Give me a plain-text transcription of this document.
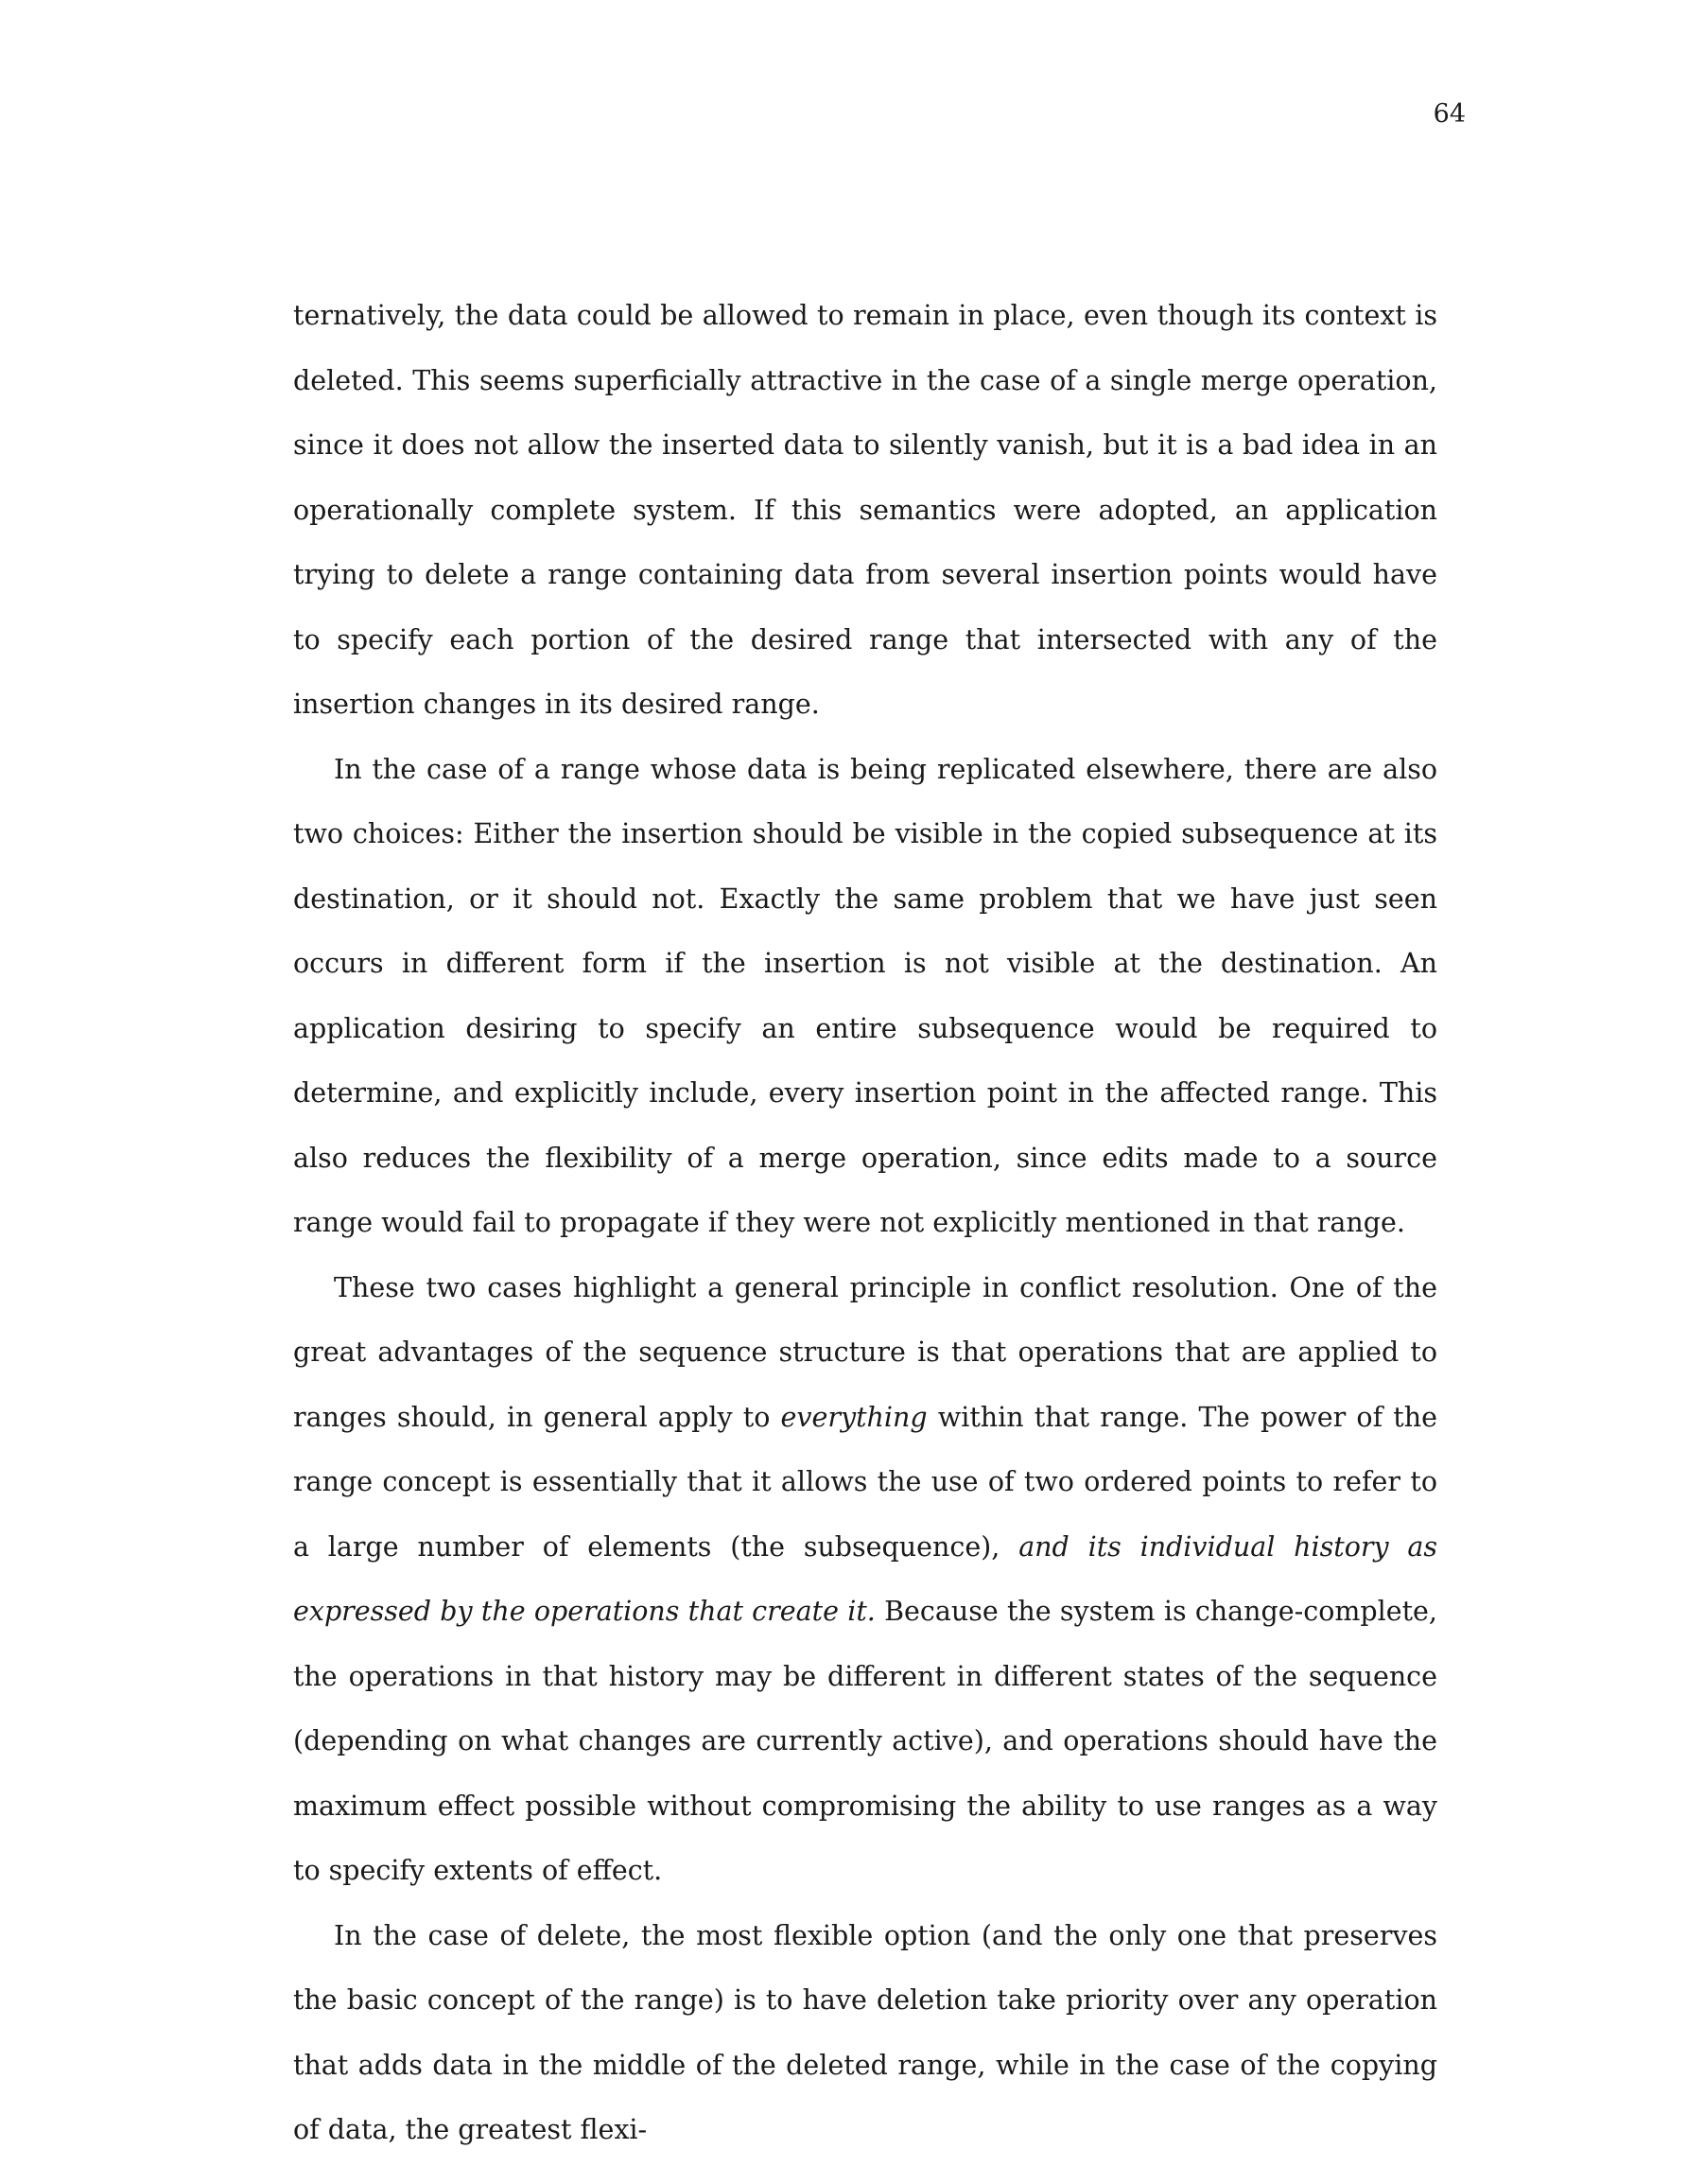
64

ternatively, the data could be allowed to remain in place, even though its context is deleted. This seems superficially attractive in the case of a single merge operation, since it does not allow the inserted data to silently vanish, but it is a bad idea in an operationally complete system. If this semantics were adopted, an application trying to delete a range containing data from several insertion points would have to specify each portion of the desired range that intersected with any of the insertion changes in its desired range.

In the case of a range whose data is being replicated elsewhere, there are also two choices: Either the insertion should be visible in the copied subsequence at its destination, or it should not. Exactly the same problem that we have just seen occurs in different form if the insertion is not visible at the destination. An application desiring to specify an entire subsequence would be required to determine, and explicitly include, every insertion point in the affected range. This also reduces the flexibility of a merge operation, since edits made to a source range would fail to propagate if they were not explicitly mentioned in that range.

These two cases highlight a general principle in conflict resolution. One of the great advantages of the sequence structure is that operations that are applied to ranges should, in general apply to everything within that range. The power of the range concept is essentially that it allows the use of two ordered points to refer to a large number of elements (the subsequence), and its individual history as expressed by the operations that create it. Because the system is change-complete, the operations in that history may be different in different states of the sequence (depending on what changes are currently active), and operations should have the maximum effect possible without compromising the ability to use ranges as a way to specify extents of effect.

In the case of delete, the most flexible option (and the only one that preserves the basic concept of the range) is to have deletion take priority over any operation that adds data in the middle of the deleted range, while in the case of the copying of data, the greatest flexi-
